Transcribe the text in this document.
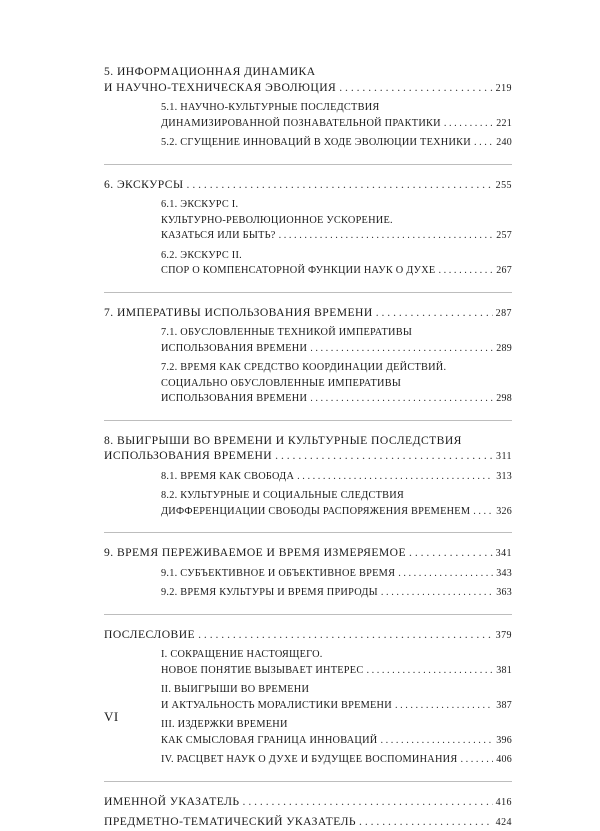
5. ИНФОРМАЦИОННАЯ ДИНАМИКА
И НАУЧНО-ТЕХНИЧЕСКАЯ ЭВОЛЮЦИЯ . . .	219
5.1. НАУЧНО-КУЛЬТУРНЫЕ ПОСЛЕДСТВИЯ
ДИНАМИЗИРОВАННОЙ ПОЗНАВАТЕЛЬНОЙ ПРАКТИКИ . . .	221
5.2. СГУЩЕНИЕ ИННОВАЦИЙ В ХОДЕ ЭВОЛЮЦИИ ТЕХНИКИ . . .	240
6. ЭКСКУРСЫ . . .	255
6.1. ЭКСКУРС I.
КУЛЬТУРНО-РЕВОЛЮЦИОННОЕ УСКОРЕНИЕ.
КАЗАТЬСЯ ИЛИ БЫТЬ? . . .	257
6.2. ЭКСКУРС II.
СПОР О КОМПЕНСАТОРНОЙ ФУНКЦИИ НАУК О ДУХЕ . . .	267
7. ИМПЕРАТИВЫ ИСПОЛЬЗОВАНИЯ ВРЕМЕНИ . . .	287
7.1. ОБУСЛОВЛЕННЫЕ ТЕХНИКОЙ ИМПЕРАТИВЫ
ИСПОЛЬЗОВАНИЯ ВРЕМЕНИ . . .	289
7.2. ВРЕМЯ КАК СРЕДСТВО КООРДИНАЦИИ ДЕЙСТВИЙ.
СОЦИАЛЬНО ОБУСЛОВЛЕННЫЕ ИМПЕРАТИВЫ
ИСПОЛЬЗОВАНИЯ ВРЕМЕНИ . . .	298
8. ВЫИГРЫШИ ВО ВРЕМЕНИ И КУЛЬТУРНЫЕ ПОСЛЕДСТВИЯ
ИСПОЛЬЗОВАНИЯ ВРЕМЕНИ . . .	311
8.1. ВРЕМЯ КАК СВОБОДА . . .	313
8.2. КУЛЬТУРНЫЕ И СОЦИАЛЬНЫЕ СЛЕДСТВИЯ
ДИФФЕРЕНЦИАЦИИ СВОБОДЫ РАСПОРЯЖЕНИЯ ВРЕМЕНЕМ . . .	326
9. ВРЕМЯ ПЕРЕЖИВАЕМОЕ И ВРЕМЯ ИЗМЕРЯЕМОЕ . . .	341
9.1. СУБЪЕКТИВНОЕ И ОБЪЕКТИВНОЕ ВРЕМЯ . . .	343
9.2. ВРЕМЯ КУЛЬТУРЫ И ВРЕМЯ ПРИРОДЫ . . .	363
ПОСЛЕСЛОВИЕ . . .	379
I. СОКРАЩЕНИЕ НАСТОЯЩЕГО.
НОВОЕ ПОНЯТИЕ ВЫЗЫВАЕТ ИНТЕРЕС . . .	381
II. ВЫИГРЫШИ ВО ВРЕМЕНИ
И АКТУАЛЬНОСТЬ МОРАЛИСТИКИ ВРЕМЕНИ . . .	387
III. ИЗДЕРЖКИ ВРЕМЕНИ
КАК СМЫСЛОВАЯ ГРАНИЦА ИННОВАЦИЙ . . .	396
IV. РАСЦВЕТ НАУК О ДУХЕ И БУДУЩЕЕ ВОСПОМИНАНИЯ . . .	406
ИМЕННОЙ УКАЗАТЕЛЬ . . .	416
ПРЕДМЕТНО-ТЕМАТИЧЕСКИЙ УКАЗАТЕЛЬ . . .	424
VI
